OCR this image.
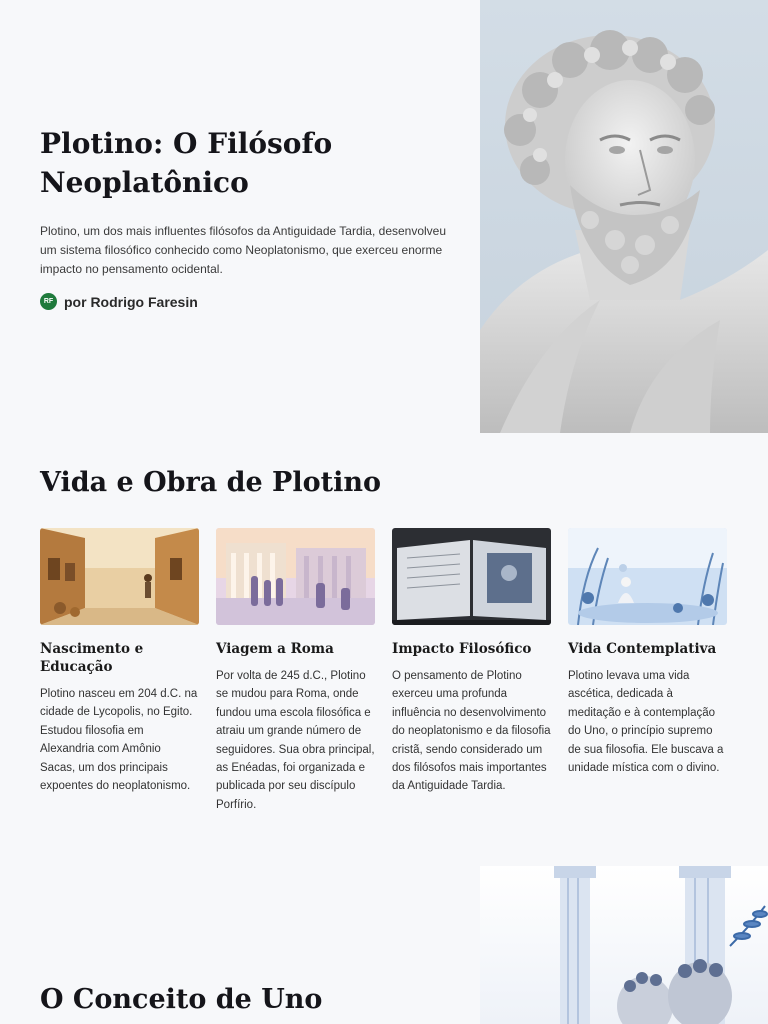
Plotino: O Filósofo Neoplatônico

Plotino, um dos mais influentes filósofos da Antiguidade Tardia, desenvolveu um sistema filosófico conhecido como Neoplatonismo, que exerceu enorme impacto no pensamento ocidental.

RF por Rodrigo Faresin
Vida e Obra de Plotino
Nascimento e Educação

Plotino nasceu em 204 d.C. na cidade de Lycopolis, no Egito. Estudou filosofia em Alexandria com Amônio Sacas, um dos principais expoentes do neoplatonismo.

Viagem a Roma

Por volta de 245 d.C., Plotino se mudou para Roma, onde fundou uma escola filosófica e atraiu um grande número de seguidores. Sua obra principal, as Enéadas, foi organizada e publicada por seu discípulo Porfírio.

Impacto Filosófico

O pensamento de Plotino exerceu uma profunda influência no desenvolvimento do neoplatonismo e da filosofia cristã, sendo considerado um dos filósofos mais importantes da Antiguidade Tardia.

Vida Contemplativa

Plotino levava uma vida ascética, dedicada à meditação e à contemplação do Uno, o princípio supremo de sua filosofia. Ele buscava a unidade mística com o divino.

O Conceito de Uno
